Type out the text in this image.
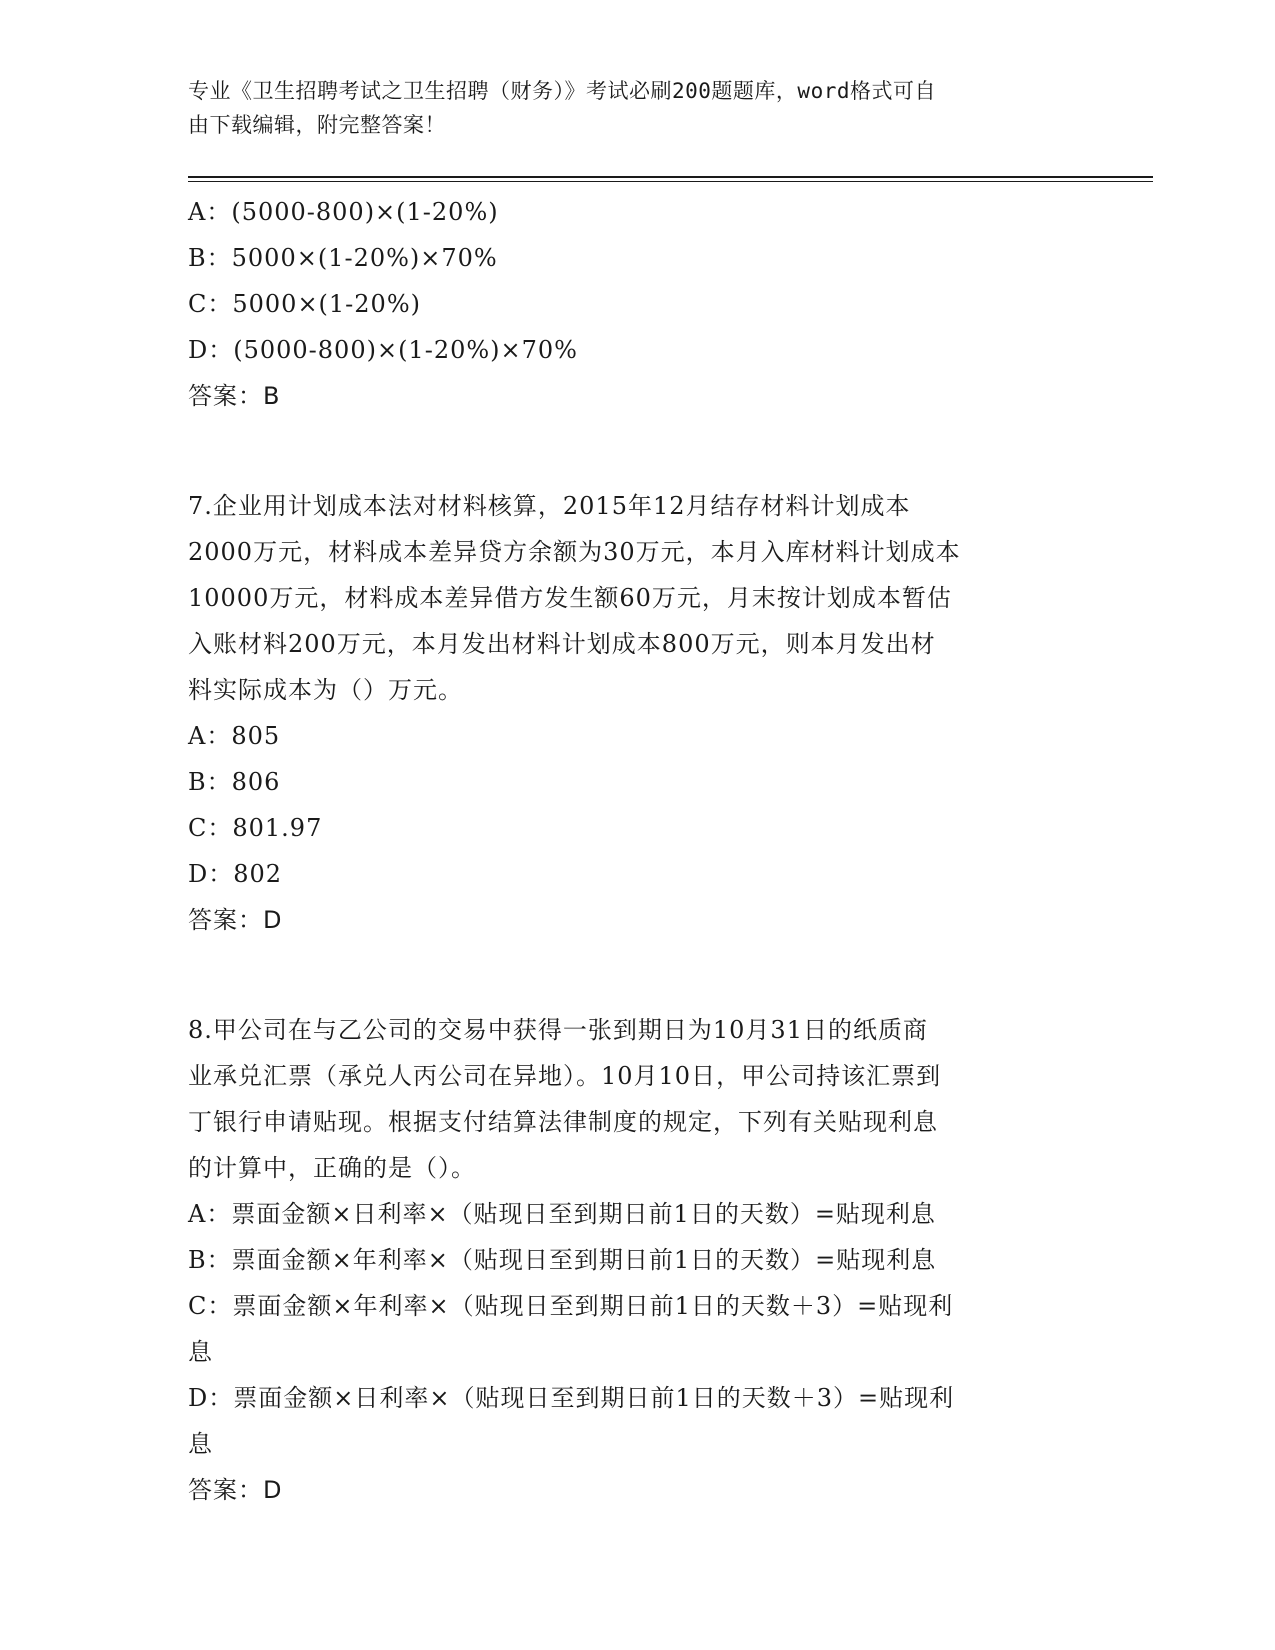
专业《卫生招聘考试之卫生招聘（财务）》考试必刷200题题库，word格式可自
由下载编辑，附完整答案！
A：(5000-800)×(1-20%)
B：5000×(1-20%)×70%
C：5000×(1-20%)
D：(5000-800)×(1-20%)×70%
答案：B
7.企业用计划成本法对材料核算，2015年12月结存材料计划成本
2000万元，材料成本差异贷方余额为30万元，本月入库材料计划成本
10000万元，材料成本差异借方发生额60万元，月末按计划成本暂估
入账材料200万元，本月发出材料计划成本800万元，则本月发出材
料实际成本为（）万元。
A：805
B：806
C：801.97
D：802
答案：D
8.甲公司在与乙公司的交易中获得一张到期日为10月31日的纸质商
业承兑汇票（承兑人丙公司在异地）。10月10日，甲公司持该汇票到
丁银行申请贴现。根据支付结算法律制度的规定，下列有关贴现利息
的计算中，正确的是（）。
A：票面金额×日利率×（贴现日至到期日前1日的天数）=贴现利息
B：票面金额×年利率×（贴现日至到期日前1日的天数）=贴现利息
C：票面金额×年利率×（贴现日至到期日前1日的天数＋3）=贴现利
息
D：票面金额×日利率×（贴现日至到期日前1日的天数＋3）=贴现利
息
答案：D
